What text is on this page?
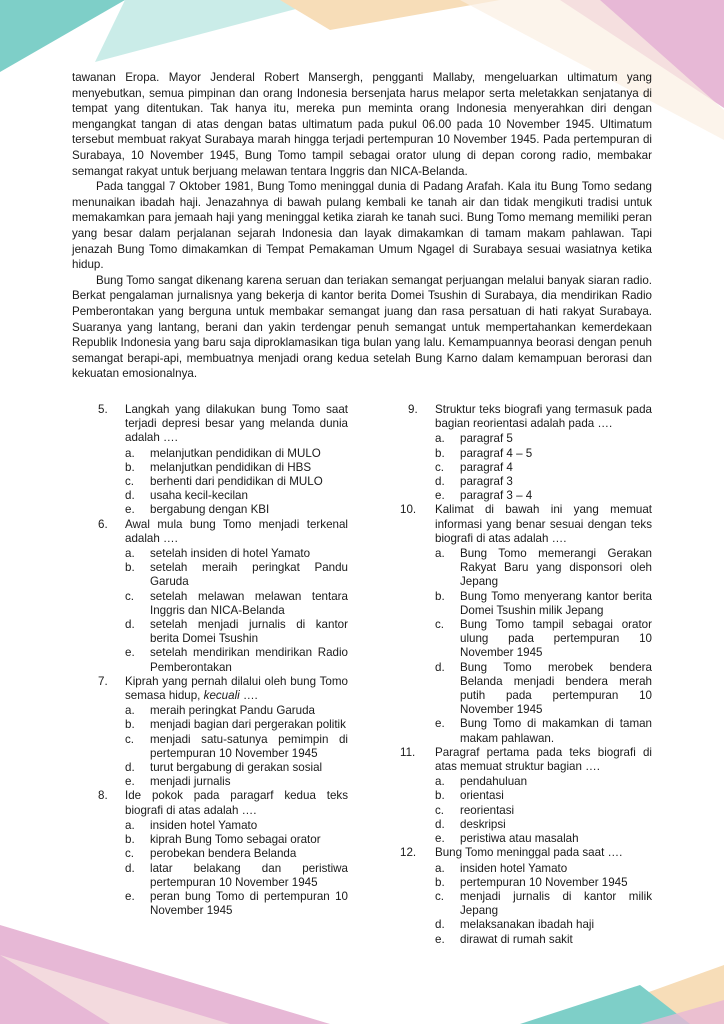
tawanan Eropa. Mayor Jenderal Robert Mansergh, pengganti Mallaby, mengeluarkan ultimatum yang menyebutkan, semua pimpinan dan orang Indonesia bersenjata harus melapor serta meletakkan senjatanya di tempat yang ditentukan. Tak hanya itu, mereka pun meminta orang Indonesia menyerahkan diri dengan mengangkat tangan di atas dengan batas ultimatum pada pukul 06.00 pada 10 November 1945. Ultimatum tersebut membuat rakyat Surabaya marah hingga terjadi pertempuran 10 November 1945. Pada pertempuran di Surabaya, 10 November 1945, Bung Tomo tampil sebagai orator ulung di depan corong radio, membakar semangat rakyat untuk berjuang melawan tentara Inggris dan NICA-Belanda.

Pada tanggal 7 Oktober 1981, Bung Tomo meninggal dunia di Padang Arafah. Kala itu Bung Tomo sedang menunaikan ibadah haji. Jenazahnya di bawah pulang kembali ke tanah air dan tidak mengikuti tradisi untuk memakamkan para jemaah haji yang meninggal ketika ziarah ke tanah suci. Bung Tomo memang memiliki peran yang besar dalam perjalanan sejarah Indonesia dan layak dimakamkan di tamam makam pahlawan. Tapi jenazah Bung Tomo dimakamkan di Tempat Pemakaman Umum Ngagel di Surabaya sesuai wasiatnya ketika hidup.

Bung Tomo sangat dikenang karena seruan dan teriakan semangat perjuangan melalui banyak siaran radio. Berkat pengalaman jurnalisnya yang bekerja di kantor berita Domei Tsushin di Surabaya, dia mendirikan Radio Pemberontakan yang berguna untuk membakar semangat juang dan rasa persatuan di hati rakyat Surabaya. Suaranya yang lantang, berani dan yakin terdengar penuh semangat untuk mempertahankan kemerdekaan Republik Indonesia yang baru saja diproklamasikan tiga bulan yang lalu. Kemampuannya beorasi dengan penuh semangat berapi-api, membuatnya menjadi orang kedua setelah Bung Karno dalam kemampuan berorasi dan kekuatan emosionalnya.

5. Langkah yang dilakukan bung Tomo saat terjadi depresi besar yang melanda dunia adalah ….
a. melanjutkan pendidikan di MULO
b. melanjutkan pendidikan di HBS
c. berhenti dari pendidikan di MULO
d. usaha kecil-kecilan
e. bergabung dengan KBI
6. Awal mula bung Tomo menjadi terkenal adalah ….
a. setelah insiden di hotel Yamato
b. setelah meraih peringkat Pandu Garuda
c. setelah melawan melawan tentara Inggris dan NICA-Belanda
d. setelah menjadi jurnalis di kantor berita Domei Tsushin
e. setelah mendirikan mendirikan Radio Pemberontakan
7. Kiprah yang pernah dilalui oleh bung Tomo semasa hidup, kecuali ….
a. meraih peringkat Pandu Garuda
b. menjadi bagian dari pergerakan politik
c. menjadi satu-satunya pemimpin di pertempuran 10 November 1945
d. turut bergabung di gerakan sosial
e. menjadi jurnalis
8. Ide pokok pada paragarf kedua teks biografi di atas adalah ….
a. insiden hotel Yamato
b. kiprah Bung Tomo sebagai orator
c. perobekan bendera Belanda
d. latar belakang dan peristiwa pertempuran 10 November 1945
e. peran bung Tomo di pertempuran 10 November 1945
9. Struktur teks biografi yang termasuk pada bagian reorientasi adalah pada ….
a. paragraf 5
b. paragraf 4 – 5
c. paragraf 4
d. paragraf 3
e. paragraf 3 – 4
10. Kalimat di bawah ini yang memuat informasi yang benar sesuai dengan teks biografi di atas adalah ….
a. Bung Tomo memerangi Gerakan Rakyat Baru yang disponsori oleh Jepang
b. Bung Tomo menyerang kantor berita Domei Tsushin milik Jepang
c. Bung Tomo tampil sebagai orator ulung pada pertempuran 10 November 1945
d. Bung Tomo merobek bendera Belanda menjadi bendera merah putih pada pertempuran 10 November 1945
e. Bung Tomo di makamkan di taman makam pahlawan.
11. Paragraf pertama pada teks biografi di atas memuat struktur bagian ….
a. pendahuluan
b. orientasi
c. reorientasi
d. deskripsi
e. peristiwa atau masalah
12. Bung Tomo meninggal pada saat ….
a. insiden hotel Yamato
b. pertempuran 10 November 1945
c. menjadi jurnalis di kantor milik Jepang
d. melaksanakan ibadah haji
e. dirawat di rumah sakit
